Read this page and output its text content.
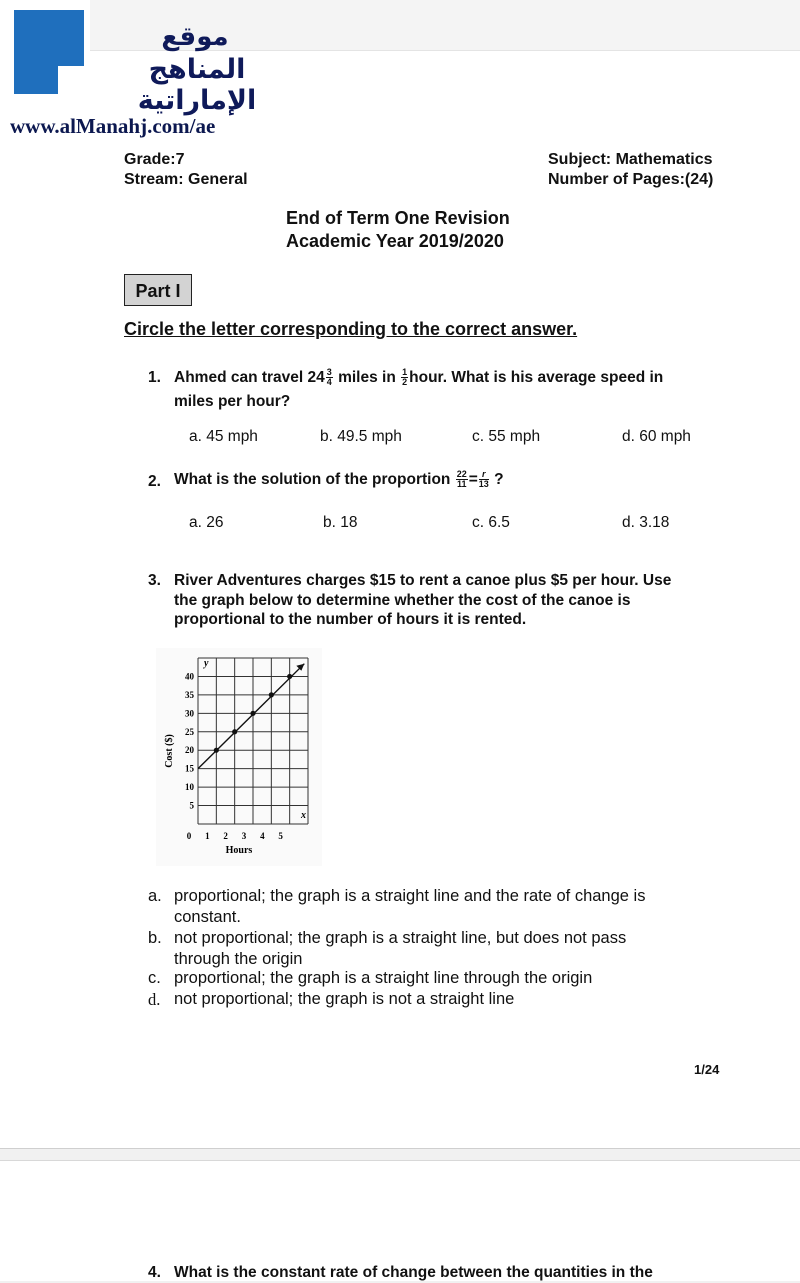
موقع
المناهج الإماراتية
www.alManahj.com/ae
Grade:7
Stream: General
Subject: Mathematics
Number of Pages:(24)
End of Term One Revision
Academic Year 2019/2020
Part I
Circle the letter corresponding to the correct answer.
1. Ahmed can travel $24 \frac{3}{4}$ miles in $\frac{1}{2}$ hour. What is his average speed in
miles per hour?
a. 45 mph	b. 49.5 mph	c. 55 mph	d. 60 mph
2. What is the solution of the proportion $\frac{22}{11} = \frac{r}{13}$ ?
a. 26	b. 18	c. 6.5	d. 3.18
3. River Adventures charges $15 to rent a canoe plus $5 per hour. Use
the graph below to determine whether the cost of the canoe is
proportional to the number of hours it is rented.
5
10
15
20
25
30
35
40
0 1 2 3 4 5
y
x
Hours
Cost ($)
a. proportional; the graph is a straight line and the rate of change is
constant.
b. not proportional; the graph is a straight line, but does not pass
through the origin
c. proportional; the graph is a straight line through the origin
d. not proportional; the graph is not a straight line
1/24
4. What is the constant rate of change between the quantities in the
